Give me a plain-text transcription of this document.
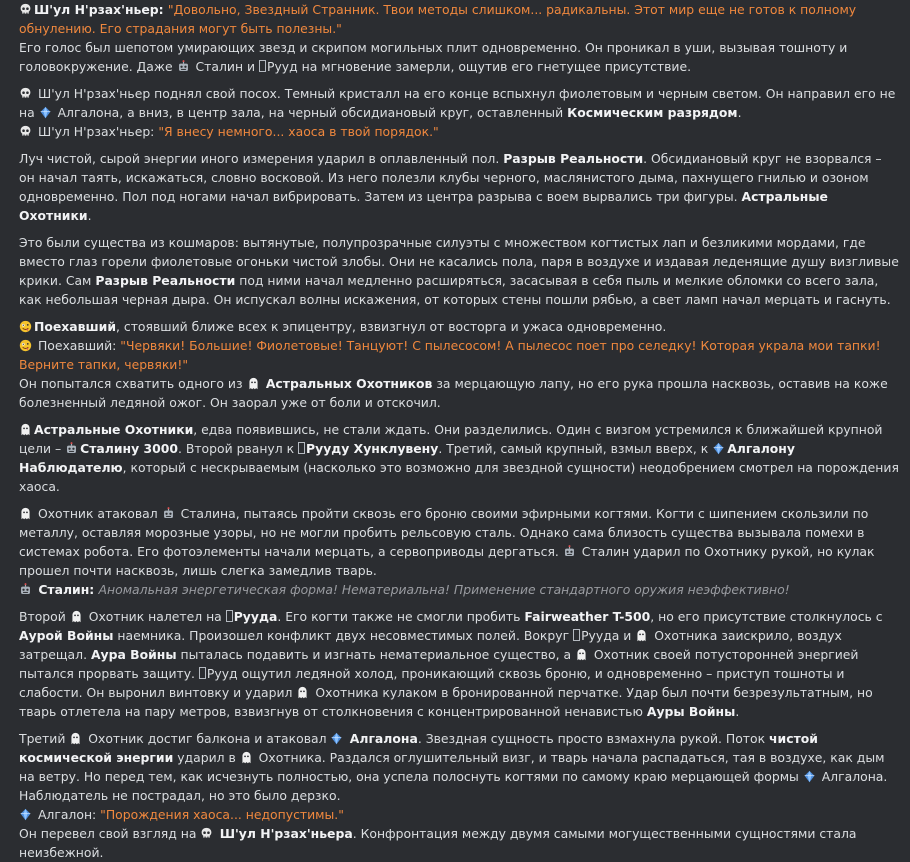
Ш'ул Н'рзах'ньер: "Довольно, Звездный Странник. Твои методы слишком... радикальны. Этот мир еще не готов к полному обнулению. Его страдания могут быть полезны."

Его голос был шепотом умирающих звезд и скрипом могильных плит одновременно. Он проникал в уши, вызывая тошноту и головокружение. Даже  Сталин и Рууд на мгновение замерли, ощутив его гнетущее присутствие.

Ш'ул Н'рзах'ньер поднял свой посох. Темный кристалл на его конце вспыхнул фиолетовым и черным светом. Он направил его не на  Алгалона, а вниз, в центр зала, на черный обсидиановый круг, оставленный Космическим разрядом.

Ш'ул Н'рзах'ньер: "Я внесу немного... хаоса в твой порядок."

Луч чистой, сырой энергии иного измерения ударил в оплавленный пол. Разрыв Реальности. Обсидиановый круг не взорвался – он начал таять, искажаться, словно восковой. Из него полезли клубы черного, маслянистого дыма, пахнущего гнилью и озоном одновременно. Пол под ногами начал вибрировать. Затем из центра разрыва с воем вырвались три фигуры. Астральные Охотники.

Это были существа из кошмаров: вытянутые, полупрозрачные силуэты с множеством когтистых лап и безликими мордами, где вместо глаз горели фиолетовые огоньки чистой злобы. Они не касались пола, паря в воздухе и издавая леденящие душу визгливые крики. Сам Разрыв Реальности под ними начал медленно расширяться, засасывая в себя пыль и мелкие обломки со всего зала, как небольшая черная дыра. Он испускал волны искажения, от которых стены пошли рябью, а свет ламп начал мерцать и гаснуть.

Поехавший, стоявший ближе всех к эпицентру, взвизгнул от восторга и ужаса одновременно.

Поехавший: "Червяки! Большие! Фиолетовые! Танцуют! С пылесосом! А пылесос поет про селедку! Которая украла мои тапки! Верните тапки, червяки!"

Он попытался схватить одного из  Астральных Охотников за мерцающую лапу, но его рука прошла насквозь, оставив на коже болезненный ледяной ожог. Он заорал уже от боли и отскочил.

Астральные Охотники, едва появившись, не стали ждать. Они разделились. Один с визгом устремился к ближайшей крупной цели – Сталину 3000. Второй рванул к Рууду Хунклувену. Третий, самый крупный, взмыл вверх, к Алгалону Наблюдателю, который с нескрываемым (насколько это возможно для звездной сущности) неодобрением смотрел на порождения хаоса.

Охотник атаковал  Сталина, пытаясь пройти сквозь его броню своими эфирными когтями. Когти с шипением скользили по металлу, оставляя морозные узоры, но не могли пробить рельсовую сталь. Однако сама близость существа вызывала помехи в системах робота. Его фотоэлементы начали мерцать, а сервоприводы дергаться.  Сталин ударил по Охотнику рукой, но кулак прошел почти насквозь, лишь слегка замедлив тварь.

Сталин: Аномальная энергетическая форма! Нематериальна! Применение стандартного оружия неэффективно!

Второй  Охотник налетел на Рууда. Его когти также не смогли пробить Fairweather T-500, но его присутствие столкнулось с Аурой Войны наемника. Произошел конфликт двух несовместимых полей. Вокруг Рууда и  Охотника заискрило, воздух затрещал. Аура Войны пыталась подавить и изгнать нематериальное существо, а  Охотник своей потусторонней энергией пытался прорвать защиту. Рууд ощутил ледяной холод, проникающий сквозь броню, и одновременно – приступ тошноты и слабости. Он выронил винтовку и ударил  Охотника кулаком в бронированной перчатке. Удар был почти безрезультатным, но тварь отлетела на пару метров, взвизгнув от столкновения с концентрированной ненавистью Ауры Войны.

Третий  Охотник достиг балкона и атаковал  Алгалона. Звездная сущность просто взмахнула рукой. Поток чистой космической энергии ударил в  Охотника. Раздался оглушительный визг, и тварь начала распадаться, тая в воздухе, как дым на ветру. Но перед тем, как исчезнуть полностью, она успела полоснуть когтями по самому краю мерцающей формы  Алгалона. Наблюдатель не пострадал, но это было дерзко.

Алгалон: "Порождения хаоса... недопустимы."

Он перевел свой взгляд на  Ш'ул Н'рзах'ньера. Конфронтация между двумя самыми могущественными сущностями стала неизбежной.
